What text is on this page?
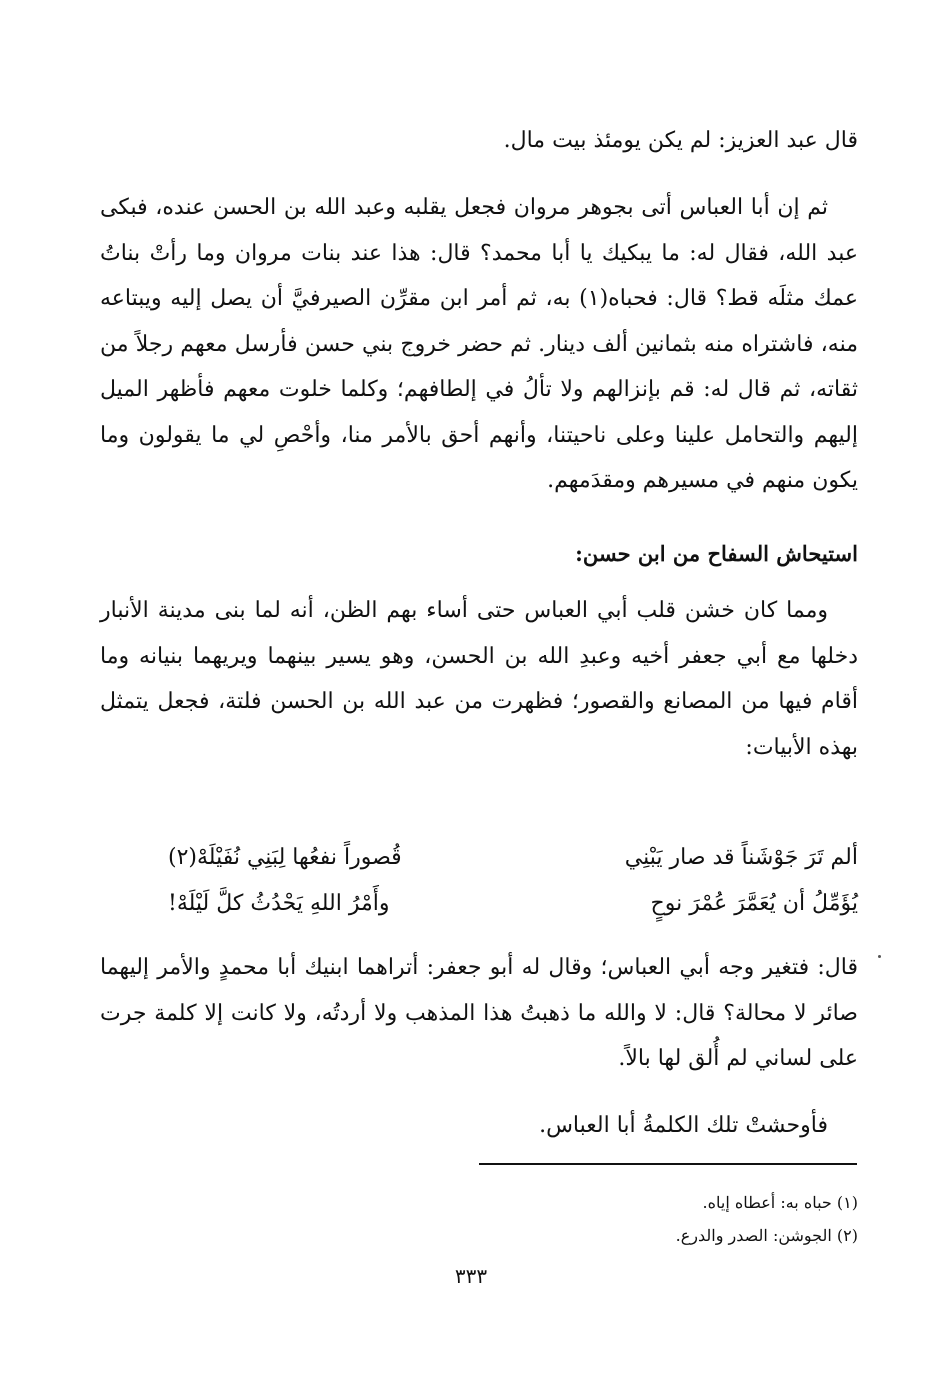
قال عبد العزيز: لم يكن يومئذ بيت مال.

ثم إن أبا العباس أتى بجوهر مروان فجعل يقلبه وعبد الله بن الحسن عنده، فبكى عبد الله، فقال له: ما يبكيك يا أبا محمد؟ قال: هذا عند بنات مروان وما رأتْ بناتُ عمك مثلَه قط؟ قال: فحباه(١) به، ثم أمر ابن مقرِّن الصيرفيَّ أن يصل إليه ويبتاعه منه، فاشتراه منه بثمانين ألف دينار. ثم حضر خروج بني حسن فأرسل معهم رجلاً من ثقاته، ثم قال له: قم بإنزالهم ولا تألُ في إلطافهم؛ وكلما خلوت معهم فأظهر الميل إليهم والتحامل علينا وعلى ناحيتنا، وأنهم أحق بالأمر منا، وأحْصِ لي ما يقولون وما يكون منهم في مسيرهم ومقدَمهم.

استيحاش السفاح من ابن حسن:

ومما كان خشن قلب أبي العباس حتى أساء بهم الظن، أنه لما بنى مدينة الأنبار دخلها مع أبي جعفر أخيه وعبدِ الله بن الحسن، وهو يسير بينهما ويريهما بنيانه وما أقام فيها من المصانع والقصور؛ فظهرت من عبد الله بن الحسن فلتة، فجعل يتمثل بهذه الأبيات:

ألم تَرَ جَوْشَناً قد صار يَبْنِي
قُصوراً نفعُها لِبَنِي نُفَيْلَهْ(٢)
يُؤَمِّلُ أن يُعَمَّرَ عُمْرَ نوحٍ
وأَمْرُ اللهِ يَحْدُثُ كلَّ لَيْلَهْ!

قال: فتغير وجه أبي العباس؛ وقال له أبو جعفر: أتراهما ابنيك أبا محمدٍ والأمر إليهما صائر لا محالة؟ قال: لا والله ما ذهبتُ هذا المذهب ولا أردتُه، ولا كانت إلا كلمة جرت على لساني لم أُلق لها بالاً.

فأوحشتْ تلك الكلمةُ أبا العباس.

(١) حباه به: أعطاه إياه.

(٢) الجوشن: الصدر والدرع.

٣٣٣
